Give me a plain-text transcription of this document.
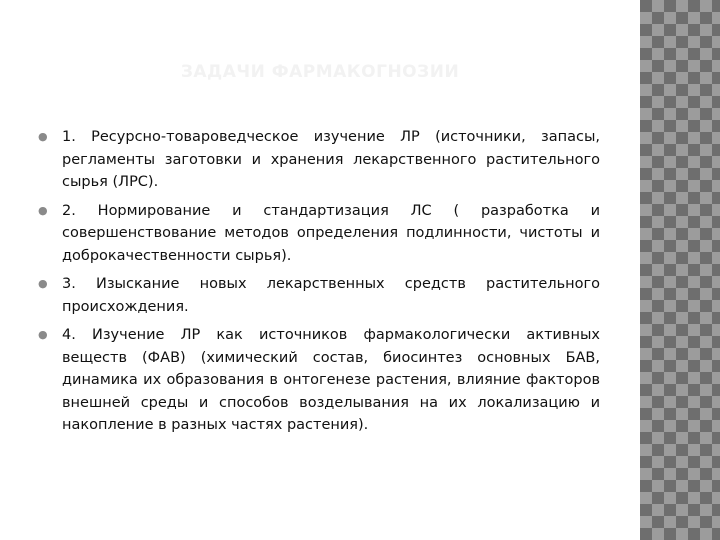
ЗАДАЧИ ФАРМАКОГНОЗИИ
● 1. Ресурсно-товароведческое изучение ЛР (источники, запасы, регламенты заготовки и хранения лекарственного растительного сырья (ЛРС).
● 2. Нормирование и стандартизация ЛС ( разработка и совершенствование методов определения подлинности, чистоты и доброкачественности сырья).
● 3. Изыскание новых лекарственных средств растительного происхождения.
● 4. Изучение ЛР как источников фармакологически активных веществ (ФАВ) (химический состав, биосинтез основных БАВ, динамика их образования в онтогенезе растения, влияние факторов внешней среды и способов возделывания на их локализацию и накопление в разных частях растения).
